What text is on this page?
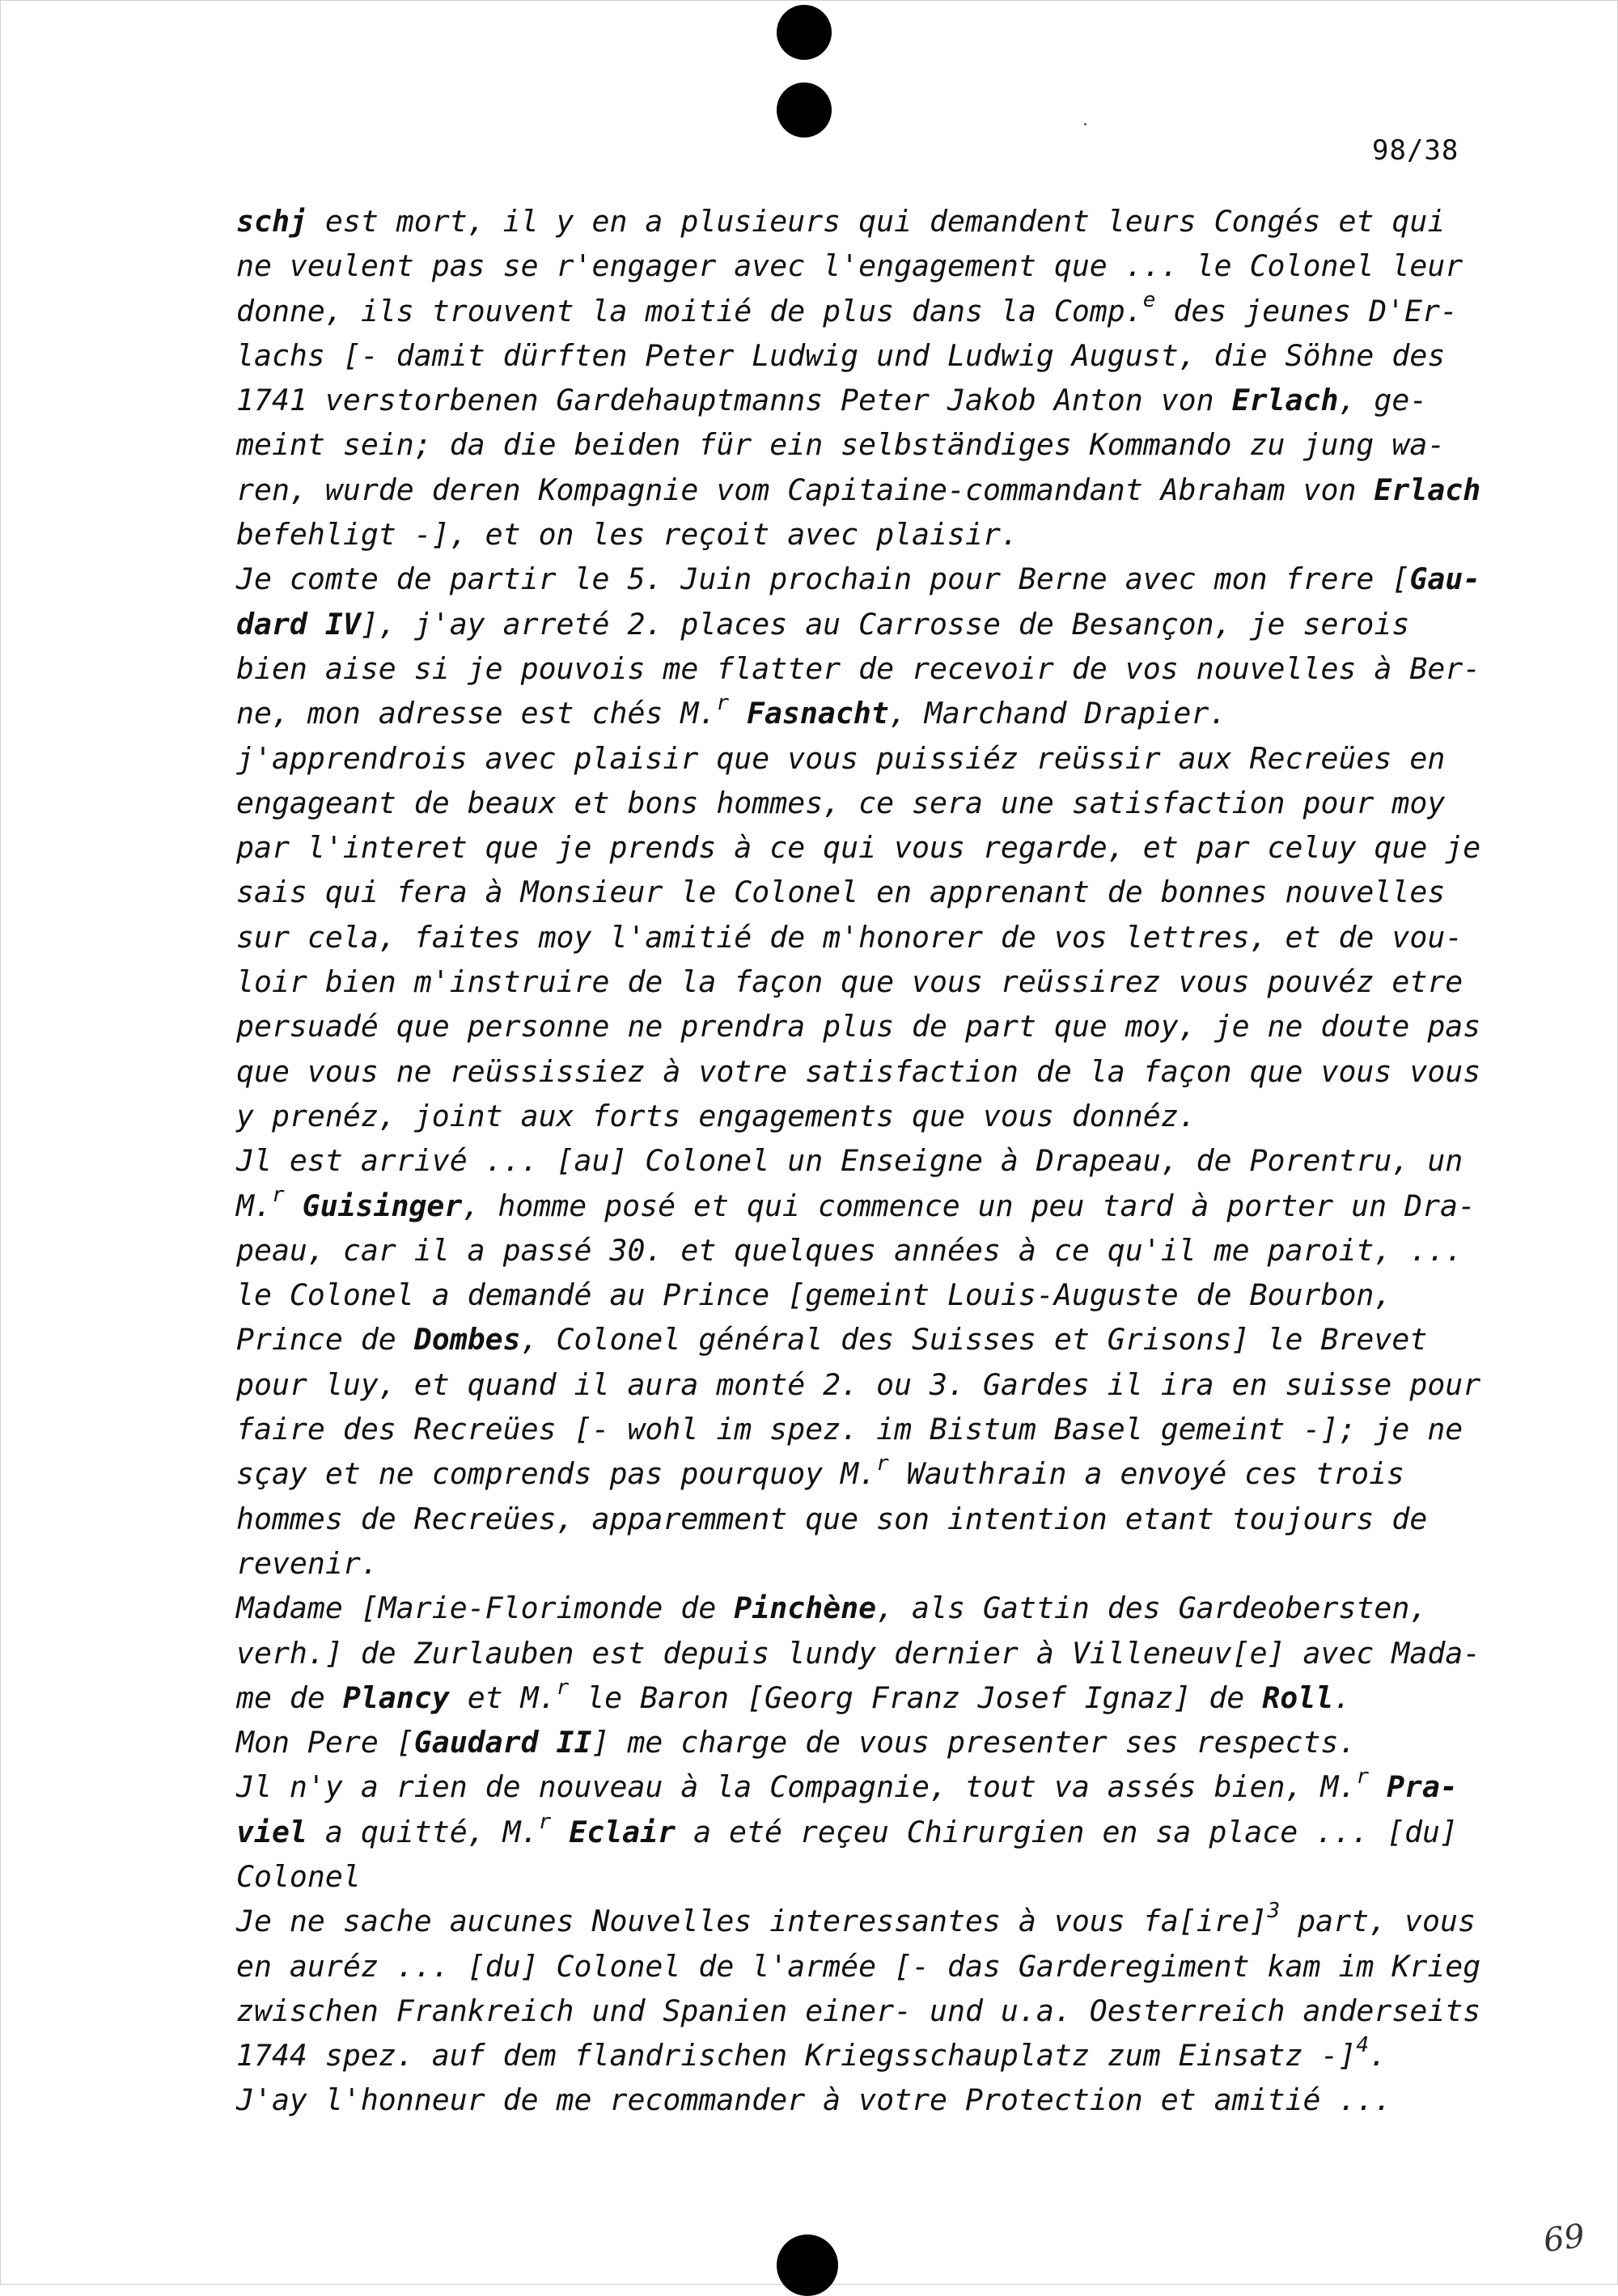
98/38
schj est mort, il y en a plusieurs qui demandent leurs Congés et qui
ne veulent pas se r'engager avec l'engagement que ... le Colonel leur
donne, ils trouvent la moitié de plus dans la Comp.$^e$ des jeunes D'Er-
lachs [- damit dürften Peter Ludwig und Ludwig August, die Söhne des
1741 verstorbenen Gardehauptmanns Peter Jakob Anton von Erlach, ge-
meint sein; da die beiden für ein selbständiges Kommando zu jung wa-
ren, wurde deren Kompagnie vom Capitaine-commandant Abraham von Erlach
befehligt -], et on les reçoit avec plaisir.
Je comte de partir le 5. Juin prochain pour Berne avec mon frere [Gau-
dard IV], j'ay arreté 2. places au Carrosse de Besançon, je serois
bien aise si je pouvois me flatter de recevoir de vos nouvelles à Ber-
ne, mon adresse est chés M.$^r$ Fasnacht, Marchand Drapier.
j'apprendrois avec plaisir que vous puissiéz reüssir aux Recreües en
engageant de beaux et bons hommes, ce sera une satisfaction pour moy
par l'interet que je prends à ce qui vous regarde, et par celuy que je
sais qui fera à Monsieur le Colonel en apprenant de bonnes nouvelles
sur cela, faites moy l'amitié de m'honorer de vos lettres, et de vou-
loir bien m'instruire de la façon que vous reüssirez vous pouvéz etre
persuadé que personne ne prendra plus de part que moy, je ne doute pas
que vous ne reüssissiez à votre satisfaction de la façon que vous vous
y prenéz, joint aux forts engagements que vous donnéz.
Jl est arrivé ... [au] Colonel un Enseigne à Drapeau, de Porentru, un
M.$^r$ Guisinger, homme posé et qui commence un peu tard à porter un Dra-
peau, car il a passé 30. et quelques années à ce qu'il me paroit, ...
le Colonel a demandé au Prince [gemeint Louis-Auguste de Bourbon,
Prince de Dombes, Colonel général des Suisses et Grisons] le Brevet
pour luy, et quand il aura monté 2. ou 3. Gardes il ira en suisse pour
faire des Recreües [- wohl im spez. im Bistum Basel gemeint -]; je ne
sçay et ne comprends pas pourquoy M.$^r$ Wauthrain a envoyé ces trois
hommes de Recreües, apparemment que son intention etant toujours de
revenir.
Madame [Marie-Florimonde de Pinchène, als Gattin des Gardeobersten,
verh.] de Zurlauben est depuis lundy dernier à Villeneuv[e] avec Mada-
me de Plancy et M.$^r$ le Baron [Georg Franz Josef Ignaz] de Roll.
Mon Pere [Gaudard II] me charge de vous presenter ses respects.
Jl n'y a rien de nouveau à la Compagnie, tout va assés bien, M.$^r$ Pra-
viel a quitté, M.$^r$ Eclair a eté reçeu Chirurgien en sa place ... [du]
Colonel
Je ne sache aucunes Nouvelles interessantes à vous fa[ire]$^3$ part, vous
en auréz ... [du] Colonel de l'armée [- das Garderegiment kam im Krieg
zwischen Frankreich und Spanien einer- und u.a. Oesterreich anderseits
1744 spez. auf dem flandrischen Kriegsschauplatz zum Einsatz -]$^4$.
J'ay l'honneur de me recommander à votre Protection et amitié ...
69
